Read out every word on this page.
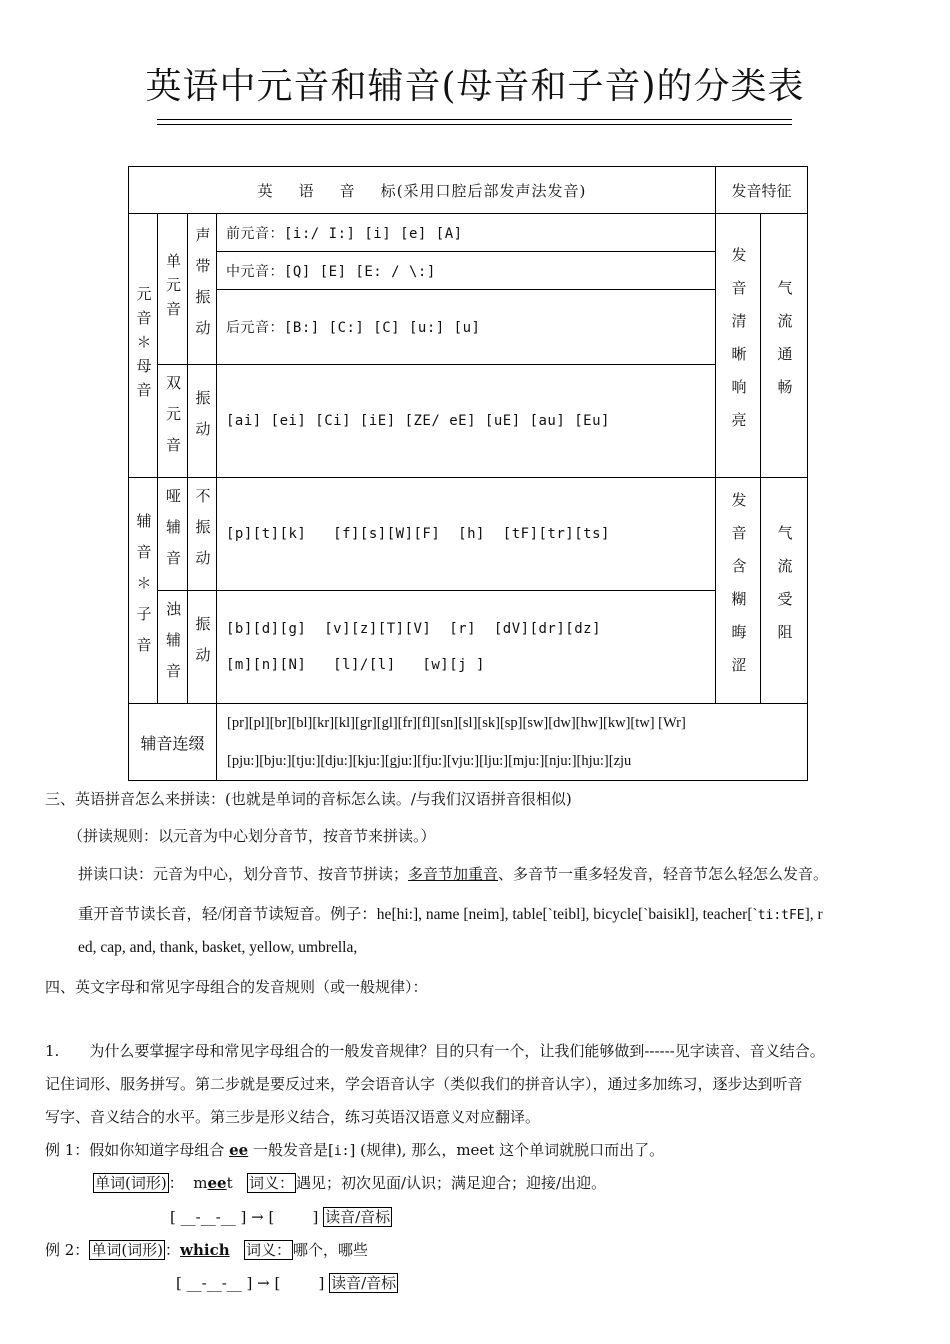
英语中元音和辅音(母音和子音)的分类表
英语音标(采用口腔后部发声法发音)				发音特征	

元音＊母音	单元音	声带振动	前元音：[i:/ I:] [i] [e] [A]	发音清晰响亮	气流通畅

			中元音：[Q] [E] [E: / \:]		
			后元音：[B:] [C:] [C] [u:] [u]		

	双元音	振动	[ai] [ei] [Ci] [iE] [ZE/ eE] [uE] [au] [Eu]		

辅音＊子音	哑辅音	不振动	[p][t][k]   [f][s][W][F]  [h]  [tF][tr][ts]	发音含糊晦涩	气流受阻

	浊辅音	振动	[b][d][g]  [v][z][T][V]  [r]  [dV][dr][dz]
[m][n][N]   [l]/[l]   [w][j ]		

辅音连缀			[pr][pl][br][bl][kr][kl][gr][gl][fr][fl][sn][sl][sk][sp][sw][dw][hw][kw][tw] [Wr]
[pju:][bju:][tju:][dju:][kju:][gju:][fju:][vju:][lju:][mju:][nju:][hju:][zju		
三、英语拼音怎么来拼读：(也就是单词的音标怎么读。/与我们汉语拼音很相似)
（拼读规则：以元音为中心划分音节，按音节来拼读。）
拼读口诀：元音为中心，划分音节、按音节拼读；多音节加重音、多音节一重多轻发音，轻音节怎么轻怎么发音。
重开音节读长音，轻/闭音节读短音。例子：he[hi:], name [neim], table[`teibl], bicycle[`baisikl], teacher[`ti:tFE], r
ed, cap, and, thank, basket, yellow, umbrella,
四、英文字母和常见字母组合的发音规则（或一般规律）：
1. 为什么要掌握字母和常见字母组合的一般发音规律？目的只有一个，让我们能够做到------见字读音、音义结合。
记住词形、服务拼写。第二步就是要反过来，学会语音认字（类似我们的拼音认字），通过多加练习，逐步达到听音
写字、音义结合的水平。第三步是形义结合，练习英语汉语意义对应翻译。
例 1：假如你知道字母组合 ee 一般发音是[i:] (规律), 那么，meet 这个单词就脱口而出了。
单词(词形) ：  meet 词义： 遇见；初次见面/认识；满足迎合；迎接/出迎。
[ __-__-__ ] → [        ] 读音/音标
例 2： 单词(词形) ：which 词义： 哪个，哪些
[ __-__-__ ] → [        ] 读音/音标
